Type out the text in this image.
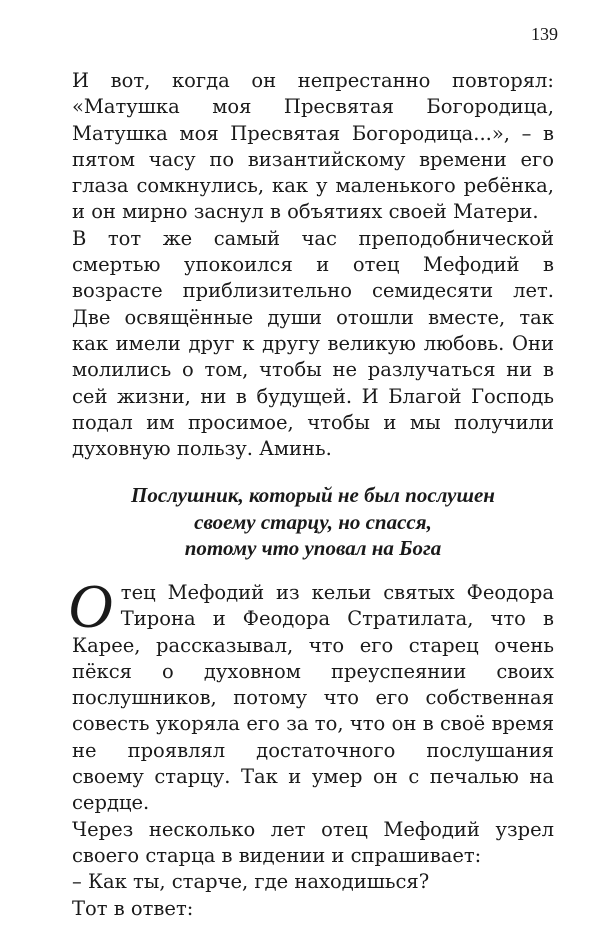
139

И вот, когда он непрестанно повторял: «Матушка моя Пресвятая Богородица, Матушка моя Пресвятая Богородица...», – в пятом часу по византийскому времени его глаза сомкнулись, как у маленького ребёнка, и он мирно заснул в объятиях своей Матери.

В тот же самый час преподобнической смертью упокоился и отец Мефодий в возрасте приблизительно семидесяти лет. Две освящённые души отошли вместе, так как имели друг к другу великую любовь. Они молились о том, чтобы не разлучаться ни в сей жизни, ни в будущей. И Благой Господь подал им просимое, чтобы и мы получили духовную пользу. Аминь.

Послушник, который не был послушен
своему старцу, но спасся,
потому что уповал на Бога

Отец Мефодий из кельи святых Феодора Тирона и Феодора Стратилата, что в Карее, рассказывал, что его старец очень пёкся о духовном преуспеянии своих послушников, потому что его собственная совесть укоряла его за то, что он в своё время не проявлял достаточного послушания своему старцу. Так и умер он с печалью на сердце.

Через несколько лет отец Мефодий узрел своего старца в видении и спрашивает:

– Как ты, старче, где находишься?

Тот в ответ:
